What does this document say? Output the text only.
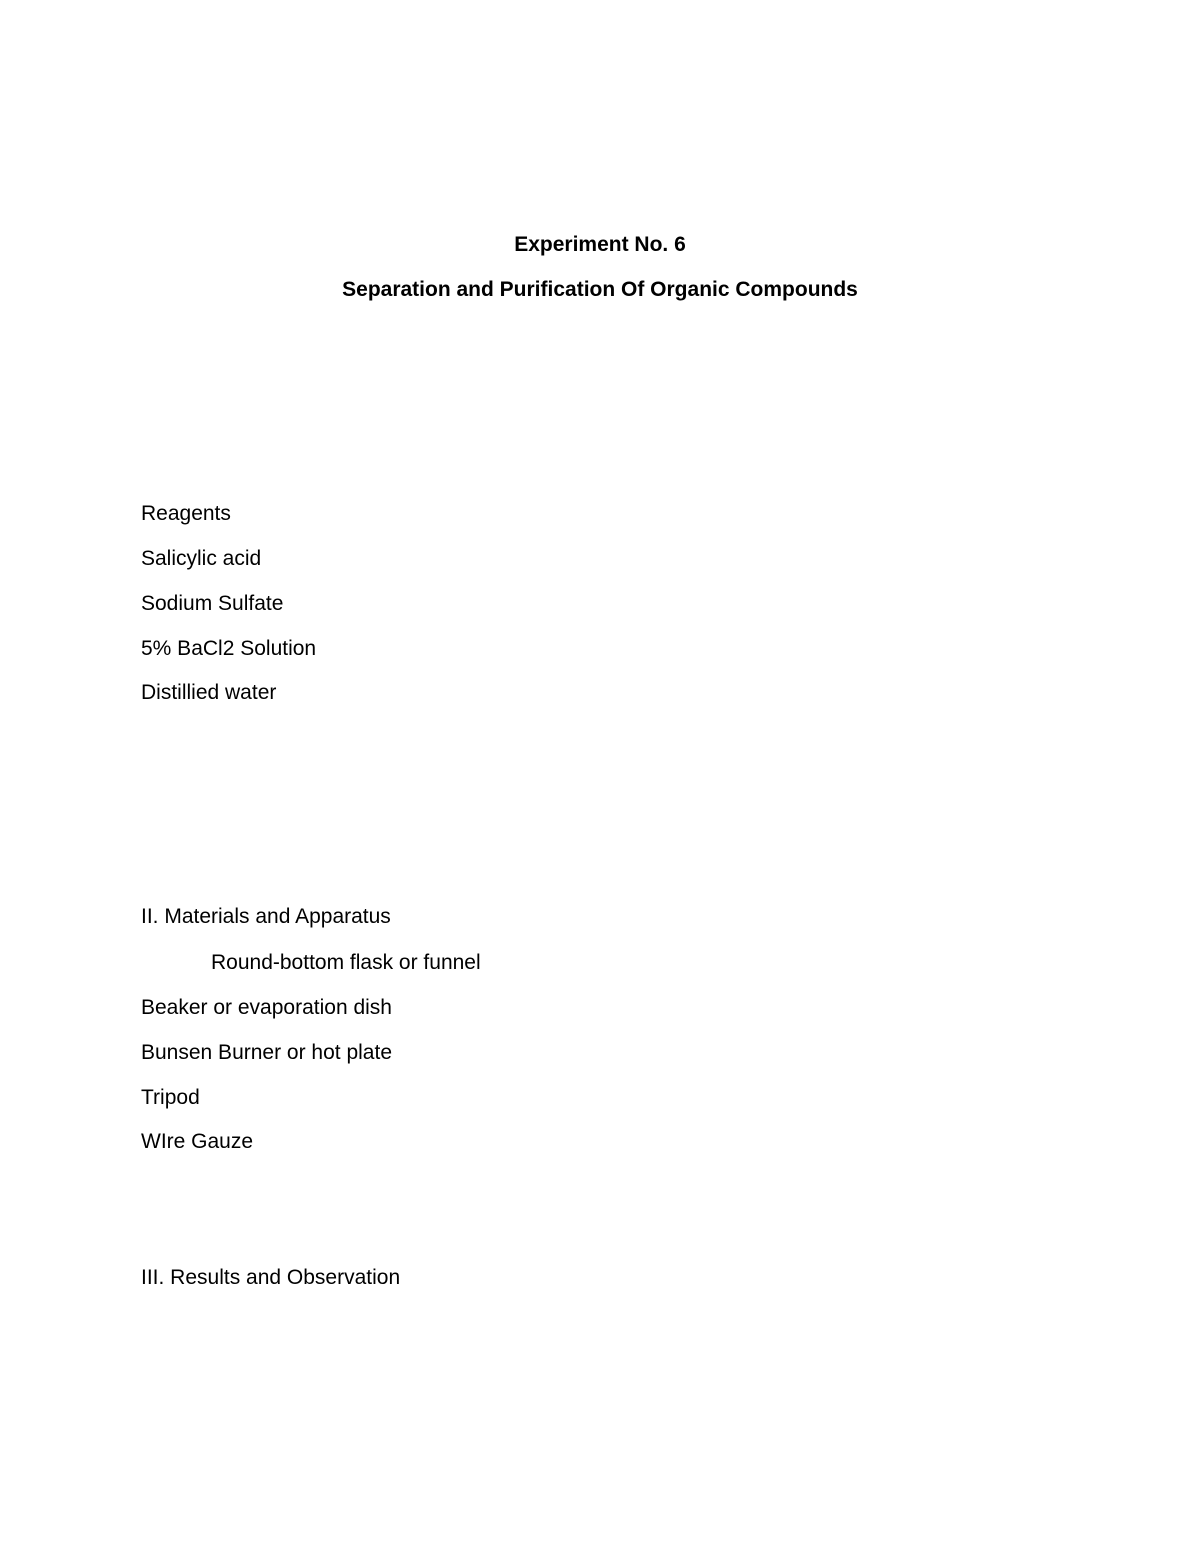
Experiment No. 6
Separation and Purification Of Organic Compounds
Reagents
Salicylic acid
Sodium Sulfate
5% BaCl2 Solution
Distillied water
II. Materials and Apparatus
Round-bottom flask or funnel
Beaker or evaporation dish
Bunsen Burner or hot plate
Tripod
WIre Gauze
III. Results and Observation
